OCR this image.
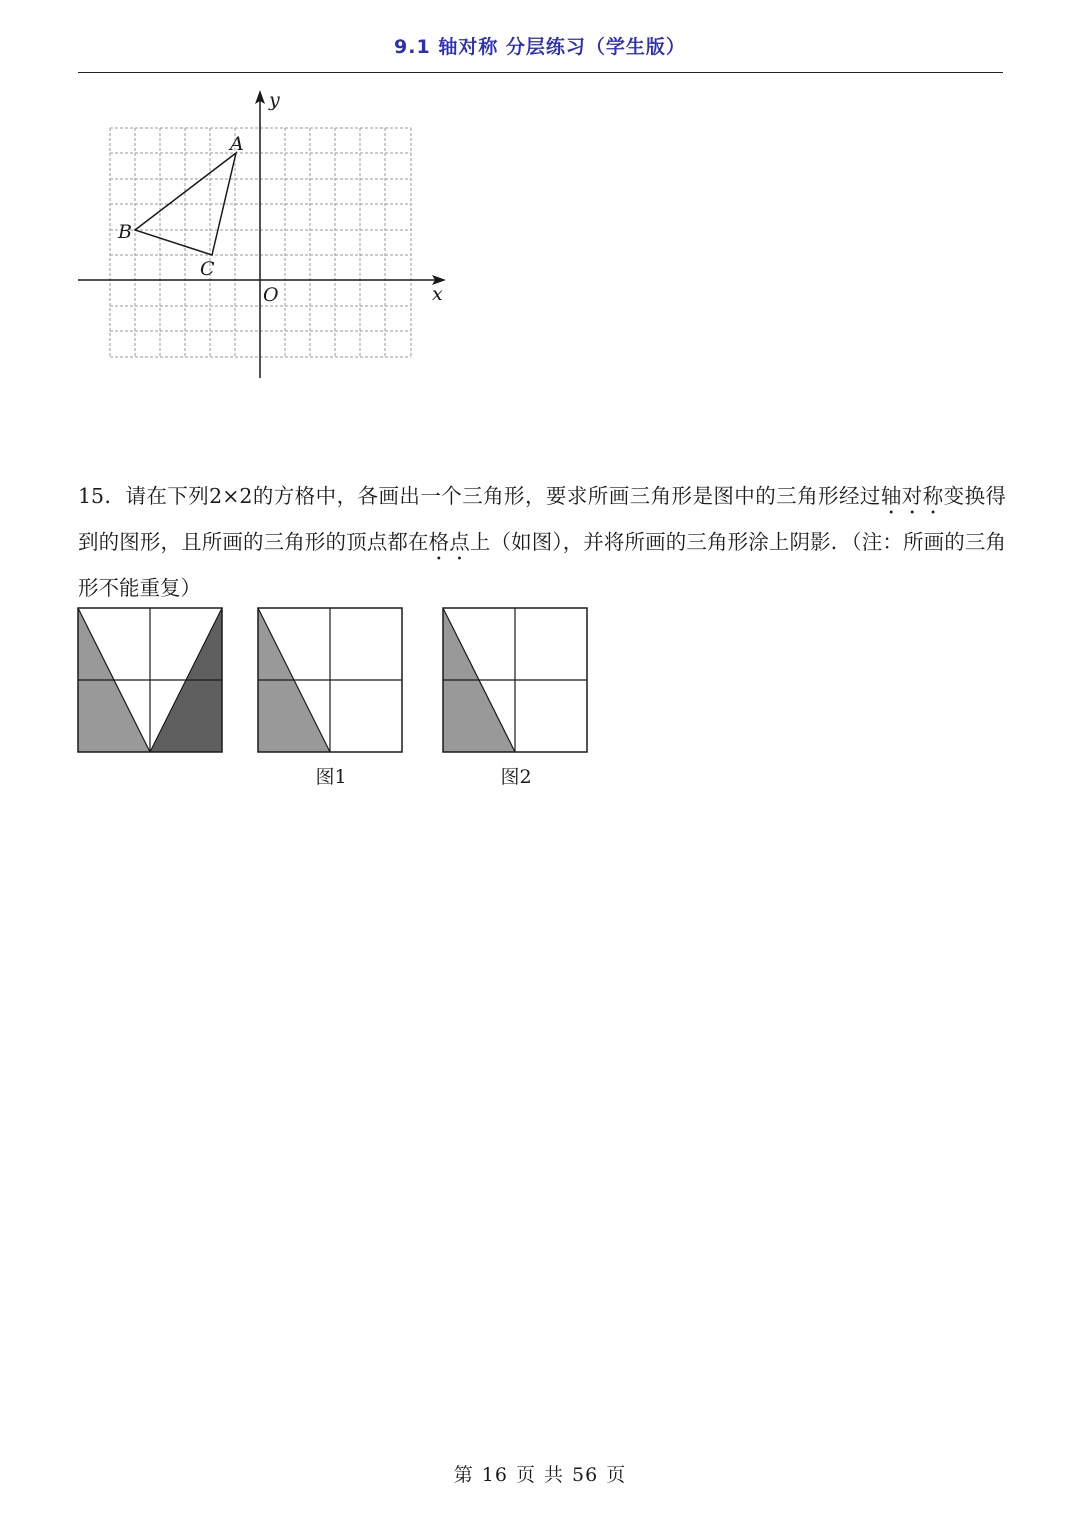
9.1 轴对称 分层练习（学生版）
y
x
O
A
B
C

15．请在下列2×2的方格中，各画出一个三角形，要求所画三角形是图中的三角形经过轴对称变换得到的图形，且所画的三角形的顶点都在格点上（如图），并将所画的三角形涂上阴影．（注：所画的三角形不能重复）

图1	图2
第 16 页 共 56 页
